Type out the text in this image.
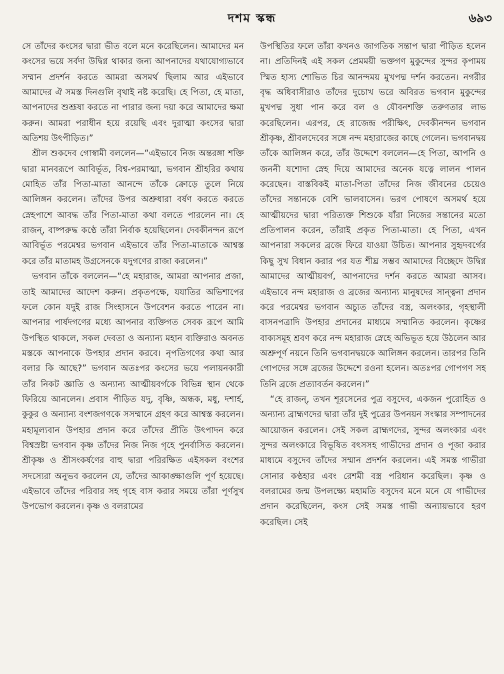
দশম স্কন্ধ	৬৯৩

সে তাঁদের কংসের দ্বারা ভীত বলে মনে করেছিলেন। আমাদের মন কংসের ভয়ে সর্বদা উদ্বিগ্ন থাকার জন্য আপনাদের যথাযোগ্যভাবে সম্মান প্রদর্শন করতে আমরা অসমর্থ ছিলাম আর এইভাবে আমাদের ঐ সমস্ত দিনগুলি বৃথাই নষ্ট করেছি। হে পিতা, হে মাতা, আপনাদের শুশ্রূষা করতে না পারার জন্য দয়া করে আমাদের ক্ষমা করুন। আমরা পরাধীন হয়ে রয়েছি এবং দুরাত্মা কংসের দ্বারা অতিশয় উৎপীড়িত।”

শ্রীল শুকদেব গোস্বামী বললেন—“এইভাবে নিজ অন্তরঙ্গা শক্তি দ্বারা মানবরূপে আবির্ভূত, বিশ্ব-পরমাত্মা, ভগবান শ্রীহরির কথায় মোহিত তাঁর পিতা-মাতা আনন্দে তাঁকে ক্রোড়ে তুলে নিয়ে আলিঙ্গন করলেন। তাঁদের উপর অশ্রুধারা বর্ষণ করতে করতে স্নেহপাশে আবদ্ধ তাঁর পিতা-মাতা কথা বলতে পারলেন না। হে রাজন্, বাষ্পরুদ্ধ কণ্ঠে তাঁরা নির্বাক হয়েছিলেন। দেবকীনন্দন রূপে আবির্ভূত পরমেশ্বর ভগবান এইভাবে তাঁর পিতা-মাতাকে আশ্বস্ত করে তাঁর মাতামহ উগ্রসেনকে যদুগণের রাজা করলেন।”

ভগবান তাঁকে বললেন—“হে মহারাজ, আমরা আপনার প্রজা, তাই আমাদের আদেশ করুন। প্রকৃতপক্ষে, যযাতির অভিশাপের ফলে কোন যদুই রাজ সিংহাসনে উপবেশন করতে পারেন না। আপনার পার্ষদগণের মধ্যে আপনার ব্যক্তিগত সেবক রূপে আমি উপস্থিত থাকলে, সকল দেবতা ও অন্যান্য মহান ব্যক্তিরাও অবনত মস্তকে আপনাকে উপহার প্রদান করবে। নৃপতিগণের কথা আর বলার কি আছে?” ভগবান অতঃপর কংসের ভয়ে পলায়নকারী তাঁর নিকট জ্ঞাতি ও অন্যান্য আত্মীয়বর্গকে বিভিন্ন স্থান থেকে ফিরিয়ে আনলেন। প্রবাস পীড়িত যদু, বৃষ্ণি, অন্ধক, মধু, দশার্হ, কুকুর ও অন্যান্য বংশজগণকে সসম্মানে গ্রহণ করে আশ্বস্ত করলেন। মহামূল্যবান উপহার প্রদান করে তাঁদের প্রীতি উৎপাদন করে বিশ্বস্রষ্টা ভগবান কৃষ্ণ তাঁদের নিজ নিজ গৃহে পুনর্বাসিত করলেন। শ্রীকৃষ্ণ ও শ্রীসংকর্ষণের বাহু দ্বারা পরিরক্ষিত এইসকল বংশের সদস্যেরা অনুভব করলেন যে, তাঁদের আকাঙ্ক্ষাগুলি পূর্ণ হয়েছে। এইভাবে তাঁদের পরিবার সহ গৃহে বাস করার সময়ে তাঁরা পূর্ণসুখ উপভোগ করলেন। কৃষ্ণ ও বলরামের

উপস্থিতির ফলে তাঁরা কখনও জাগতিক সন্তাপ দ্বারা পীড়িত হলেন না। প্রতিদিনই এই সকল প্রেমময়ী ভক্তগণ মুকুন্দের সুন্দর কৃপাময় স্মিত হাস্য শোভিত চির আনন্দময় মুখপদ্ম দর্শন করতেন। নগরীর বৃদ্ধ অধিবাসীরাও তাঁদের দুচোখ ভরে অবিরত ভগবান মুকুন্দের মুখপদ্ম সুধা পান করে বল ও যৌবনশক্তি তরুণতার লাভ করেছিলেন। এরপর, হে রাজেন্দ্র পরীক্ষিৎ, দেবকীনন্দন ভগবান শ্রীকৃষ্ণ, শ্রীবলদেবের সঙ্গে নন্দ মহারাজের কাছে গেলেন। ভগবানদ্বয় তাঁকে আলিঙ্গন করে, তাঁর উদ্দেশে বললেন—হে পিতা, আপনি ও জননী যশোদা স্নেহ দিয়ে আমাদের অনেক যত্নে লালন পালন করেছেন। বাস্তবিকই মাতা-পিতা তাঁদের নিজ জীবনের চেয়েও তাঁদের সন্তানকে বেশি ভালবাসেন। ভরণ পোষণে অসমর্থ হয়ে আত্মীয়দের দ্বারা পরিত্যক্ত শিশুকে যাঁরা নিজের সন্তানের মতো প্রতিপালন করেন, তাঁরাই প্রকৃত পিতা-মাতা। হে পিতা, এখন আপনারা সকলের ব্রজে ফিরে যাওয়া উচিত। আপনার সুহৃদবর্গের কিছু সুখ বিধান করার পর যত শীঘ্র সম্ভব আমাদের বিচ্ছেদে উদ্বিগ্ন আমাদের আত্মীয়বর্গ, আপনাদের দর্শন করতে আমরা আসব। এইভাবে নন্দ মহারাজ ও ব্রজের অন্যান্য মানুষদের সান্ত্বনা প্রদান করে পরমেশ্বর ভগবান অচ্যুত তাঁদের বস্ত্র, অলংকার, গৃহস্থালী বাসনপত্রাদি উপহার প্রদানের মাধ্যমে সম্মানিত করলেন। কৃষ্ণের বাক্যসমূহ শ্রবণ করে নন্দ মহারাজ স্নেহে অভিভূত হয়ে উঠলেন আর অশ্রুপূর্ণ নয়নে তিনি ভগবানদ্বয়কে আলিঙ্গন করলেন। তারপর তিনি গোপদের সঙ্গে ব্রজের উদ্দেশে রওনা হলেন। অতঃপর গোপগণ সহ তিনি ব্রজে প্রত্যাবর্তন করলেন।”

“হে রাজন্, তখন শূরসেনের পুত্র বসুদেব, একজন পুরোহিত ও অন্যান্য ব্রাহ্মণদের দ্বারা তাঁর দুই পুত্রের উপনয়ন সংস্কার সম্পাদনের আয়োজন করলেন। সেই সকল ব্রাহ্মণদের, সুন্দর অলংকার এবং সুন্দর অলংকারে বিভূষিত বৎসসহ গাভীদের প্রদান ও পূজা করার মাধ্যমে বসুদেব তাঁদের সম্মান প্রদর্শন করলেন। এই সমস্ত গাভীরা সোনার কণ্ঠহার এবং রেশমী বস্ত্র পরিধান করেছিল। কৃষ্ণ ও বলরামের জন্ম উপলক্ষ্যে মহামতি বসুদেব মনে মনে যে গাভীদের প্রদান করেছিলেন, কংস সেই সমস্ত গাভী অন্যায়ভাবে হরণ করেছিল। সেই
